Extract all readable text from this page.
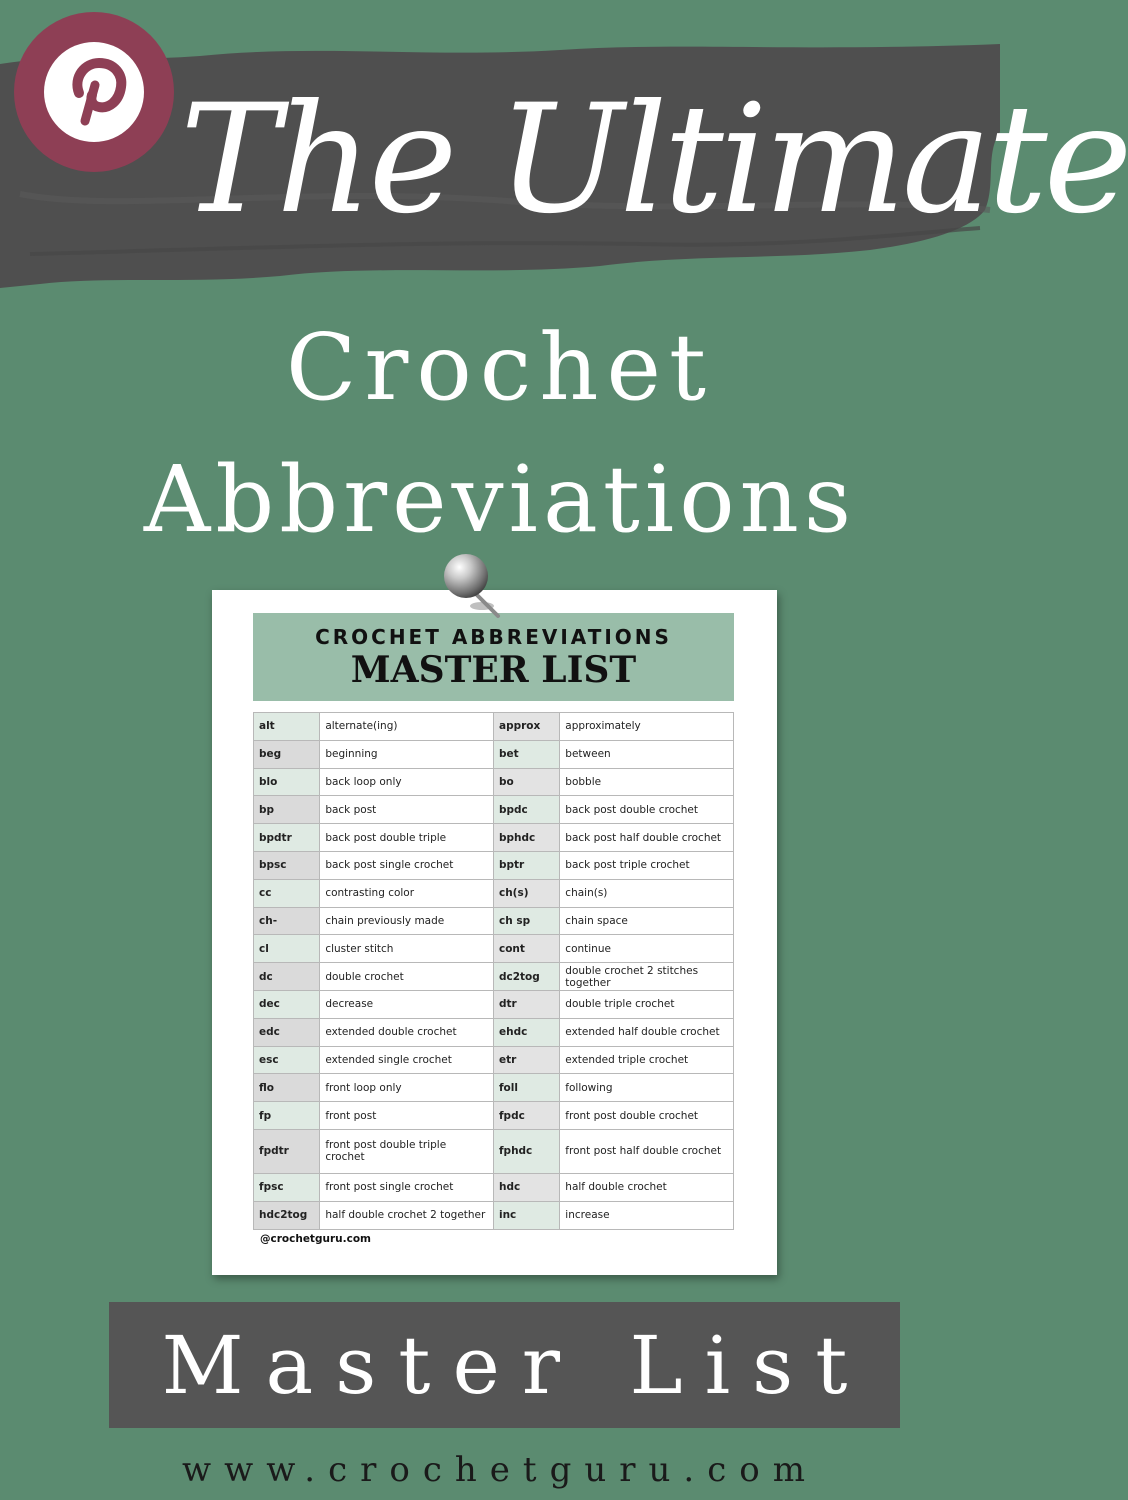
The Ultimate
Crochet
Abbreviations
CROCHET ABBREVIATIONS
MASTER LIST
alt	alternate(ing)	approx	approximately
beg	beginning	bet	between
blo	back loop only	bo	bobble
bp	back post	bpdc	back post double crochet
bpdtr	back post double triple	bphdc	back post half double crochet
bpsc	back post single crochet	bptr	back post triple crochet
cc	contrasting color	ch(s)	chain(s)
ch-	chain previously made	ch sp	chain space
cl	cluster stitch	cont	continue
dc	double crochet	dc2tog	double crochet 2 stitches together
dec	decrease	dtr	double triple crochet
edc	extended double crochet	ehdc	extended half double crochet
esc	extended single crochet	etr	extended triple crochet
flo	front loop only	foll	following
fp	front post	fpdc	front post double crochet
fpdtr	front post double triple crochet	fphdc	front post half double crochet
fpsc	front post single crochet	hdc	half double crochet
hdc2tog	half double crochet 2 together	inc	increase
@crochetguru.com
Master List
www.crochetguru.com
